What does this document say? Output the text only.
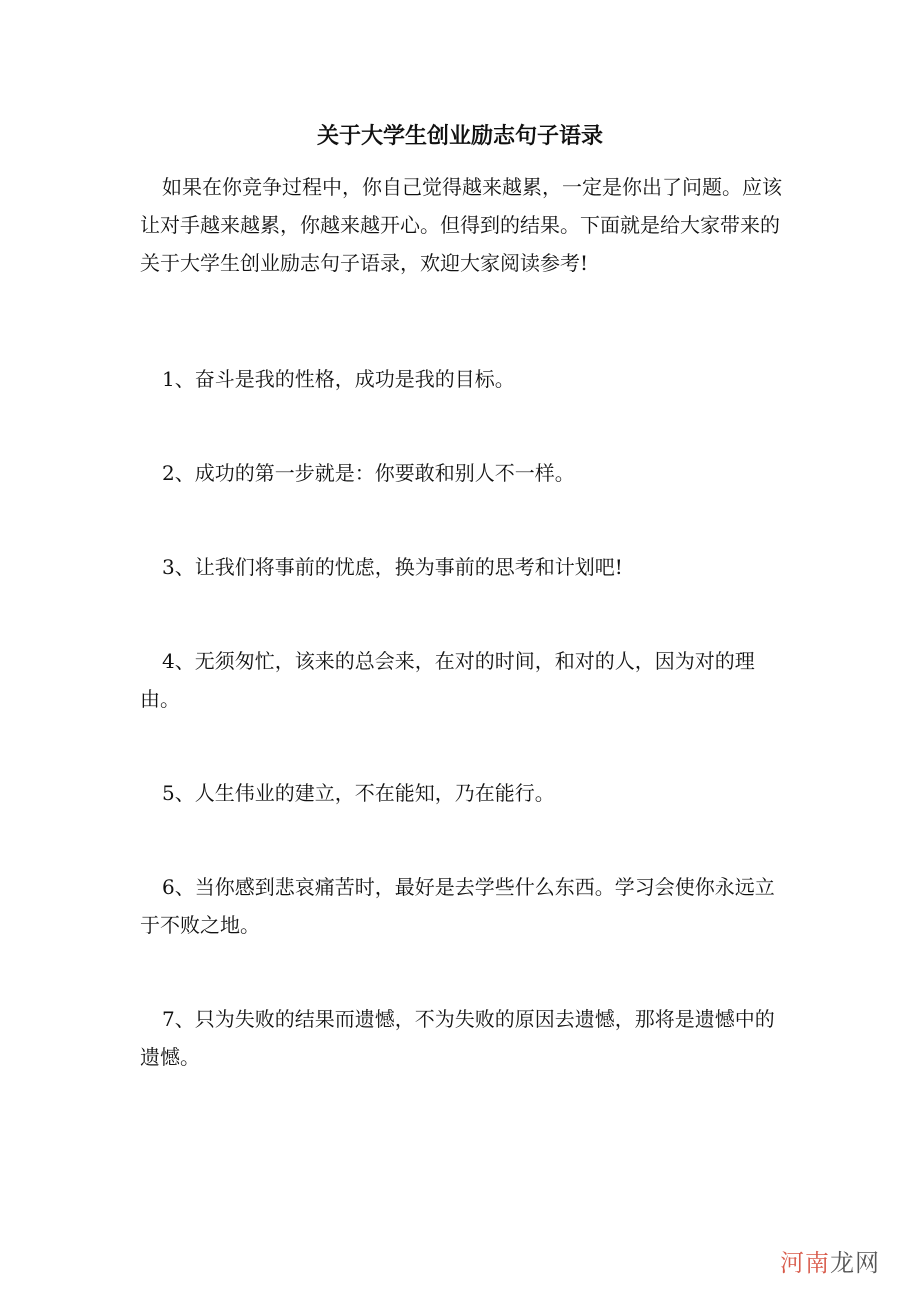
关于大学生创业励志句子语录

如果在你竞争过程中，你自己觉得越来越累，一定是你出了问题。应该让对手越来越累，你越来越开心。但得到的结果。下面就是给大家带来的关于大学生创业励志句子语录，欢迎大家阅读参考!

1、奋斗是我的性格，成功是我的目标。
2、成功的第一步就是：你要敢和别人不一样。
3、让我们将事前的忧虑，换为事前的思考和计划吧!
4、无须匆忙，该来的总会来，在对的时间，和对的人，因为对的理由。
5、人生伟业的建立，不在能知，乃在能行。
6、当你感到悲哀痛苦时，最好是去学些什么东西。学习会使你永远立于不败之地。
7、只为失败的结果而遗憾，不为失败的原因去遗憾，那将是遗憾中的遗憾。
河南龙网
